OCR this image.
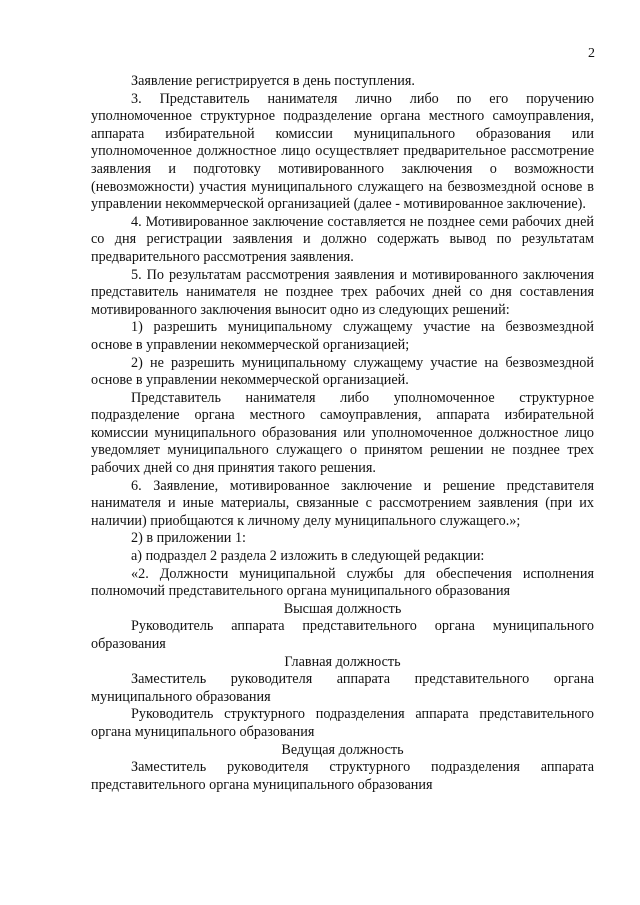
2

Заявление регистрируется в день поступления.

3. Представитель нанимателя лично либо по его поручению уполномоченное структурное подразделение органа местного самоуправления, аппарата избирательной комиссии муниципального образования или уполномоченное должностное лицо осуществляет предварительное рассмотрение заявления и подготовку мотивированного заключения о возможности (невозможности) участия муниципального служащего на безвозмездной основе в управлении некоммерческой организацией (далее - мотивированное заключение).

4. Мотивированное заключение составляется не позднее семи рабочих дней со дня регистрации заявления и должно содержать вывод по результатам предварительного рассмотрения заявления.

5. По результатам рассмотрения заявления и мотивированного заключения представитель нанимателя не позднее трех рабочих дней со дня составления мотивированного заключения выносит одно из следующих решений:

1) разрешить муниципальному служащему участие на безвозмездной основе в управлении некоммерческой организацией;

2) не разрешить муниципальному служащему участие на безвозмездной основе в управлении некоммерческой организацией.

Представитель нанимателя либо уполномоченное структурное подразделение органа местного самоуправления, аппарата избирательной комиссии муниципального образования или уполномоченное должностное лицо уведомляет муниципального служащего о принятом решении не позднее трех рабочих дней со дня принятия такого решения.

6. Заявление, мотивированное заключение и решение представителя нанимателя и иные материалы, связанные с рассмотрением заявления (при их наличии) приобщаются к личному делу муниципального служащего.»;

2) в приложении 1:

а) подраздел 2 раздела 2 изложить в следующей редакции:

«2. Должности муниципальной службы для обеспечения исполнения полномочий представительного органа муниципального образования

Высшая должность

Руководитель аппарата представительного органа муниципального образования

Главная должность

Заместитель руководителя аппарата представительного органа муниципального образования

Руководитель структурного подразделения аппарата представительного органа муниципального образования

Ведущая должность

Заместитель руководителя структурного подразделения аппарата представительного органа муниципального образования
